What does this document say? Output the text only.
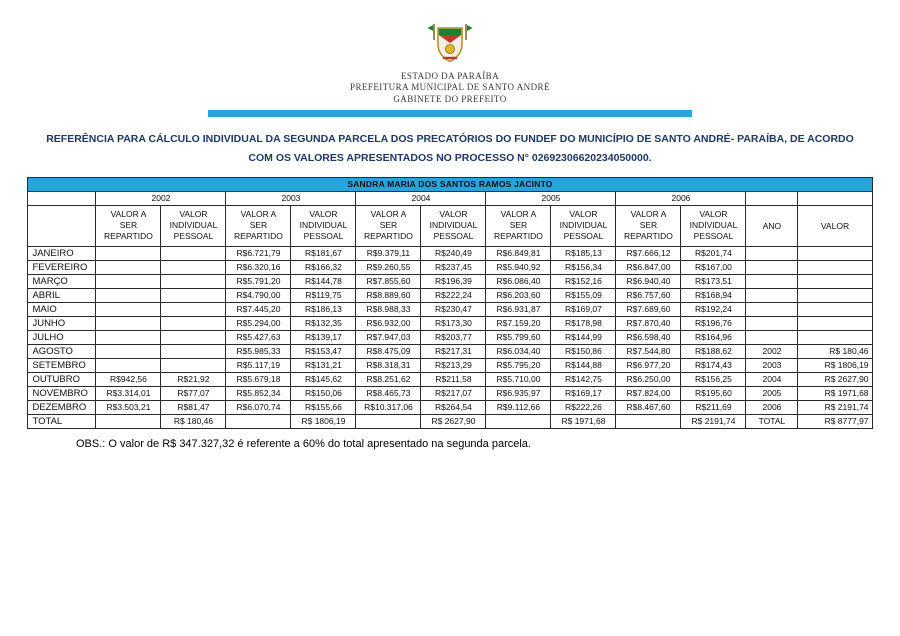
ESTADO DA PARAÍBA
PREFEITURA MUNICIPAL DE SANTO ANDRÉ
GABINETE DO PREFEITO
REFERÊNCIA PARA CÁLCULO INDIVIDUAL DA SEGUNDA PARCELA DOS PRECATÓRIOS DO FUNDEF DO MUNICÍPIO DE SANTO ANDRÉ- PARAÍBA, DE ACORDO COM OS VALORES APRESENTADOS NO PROCESSO N° 02692306620234050000.
SANDRA MARIA DOS SANTOS RAMOS JACINTO												
	2002		2003		2004		2005		2006			
	VALOR A SER REPARTIDO	VALOR INDIVIDUAL PESSOAL	VALOR A SER REPARTIDO	VALOR INDIVIDUAL PESSOAL	VALOR A SER REPARTIDO	VALOR INDIVIDUAL PESSOAL	VALOR A SER REPARTIDO	VALOR INDIVIDUAL PESSOAL	VALOR A SER REPARTIDO	VALOR INDIVIDUAL PESSOAL	ANO	VALOR
JANEIRO			R$6.721,79	R$181,67	R$9.379,11	R$240,49	R$6.849,81	R$185,13	R$7.666,12	R$201,74		
FEVEREIRO			R$6.320,16	R$166,32	R$9.260,55	R$237,45	R$5.940,92	R$156,34	R$6.847,00	R$167,00		
MARÇO			R$5.791,20	R$144,78	R$7.855,60	R$196,39	R$6.086,40	R$152,16	R$6.940,40	R$173,51		
ABRIL			R$4.790,00	R$119,75	R$8.889,60	R$222,24	R$6.203,60	R$155,09	R$6.757,60	R$168,94		
MAIO			R$7.445,20	R$186,13	R$8.988,33	R$230,47	R$6.931,87	R$169,07	R$7.689,60	R$192,24		
JUNHO			R$5.294,00	R$132,35	R$6.932,00	R$173,30	R$7.159,20	R$178,98	R$7.870,40	R$196,76		
JULHO			R$5.427,63	R$139,17	R$7.947,03	R$203,77	R$5.799,60	R$144,99	R$6.598,40	R$164,96		
AGOSTO			R$5.985,33	R$153,47	R$8.475,09	R$217,31	R$6.034,40	R$150,86	R$7.544,80	R$188,62	2002	R$ 180,46
SETEMBRO			R$5.117,19	R$131,21	R$8.318,31	R$213,29	R$5.795,20	R$144,88	R$6.977,20	R$174,43	2003	R$ 1806,19
OUTUBRO	R$942,56	R$21,92	R$5.679,18	R$145,62	R$8.251,62	R$211,58	R$5.710,00	R$142,75	R$6.250,00	R$156,25	2004	R$ 2627,90
NOVEMBRO	R$3.314,01	R$77,07	R$5.852,34	R$150,06	R$8.465,73	R$217,07	R$6.935,97	R$169,17	R$7.824,00	R$195,60	2005	R$ 1971,68
DEZEMBRO	R$3.503,21	R$81,47	R$6.070,74	R$155,66	R$10.317,06	R$264,54	R$9.112,66	R$222,26	R$8.467,60	R$211,69	2006	R$ 2191,74
TOTAL		R$ 180,46		R$ 1806,19		R$ 2627,90		R$ 1971,68		R$ 2191,74	TOTAL	R$ 8777,97
OBS.: O valor de R$ 347.327,32 é referente a 60% do total apresentado na segunda parcela.
